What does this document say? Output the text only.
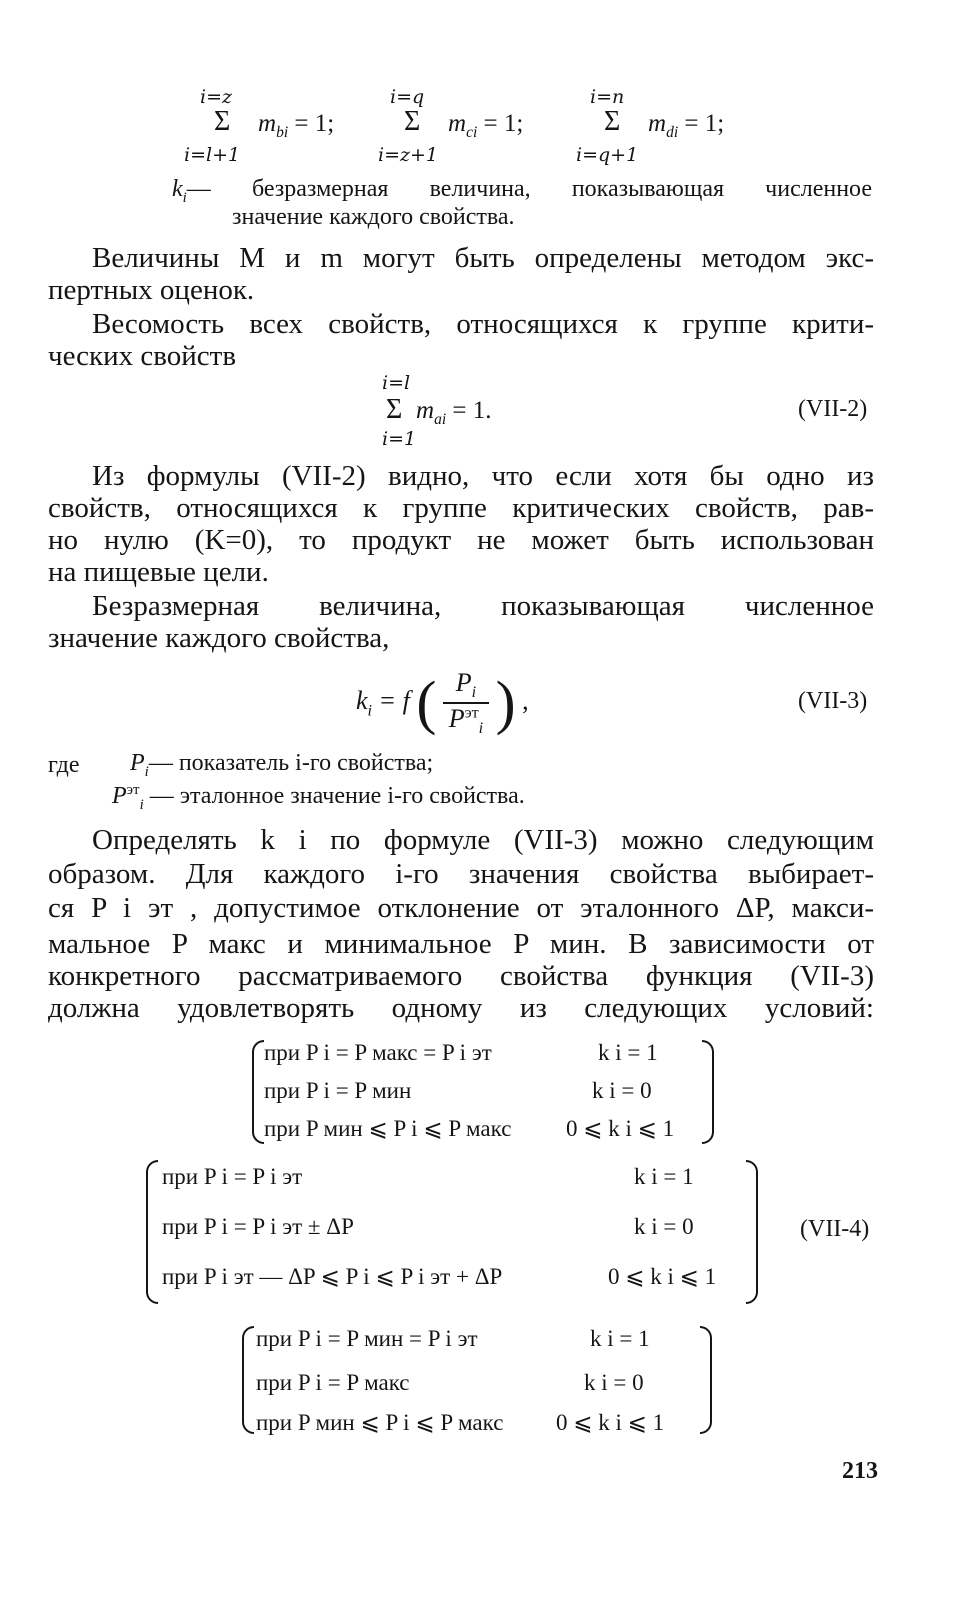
i=z
Σ
i=l+1
$m_{bi} = 1$;
i=q
Σ
i=z+1
$m_{ci} = 1$;
i=n
Σ
i=q+1
$m_{di} = 1$;
$k_i—$ безразмерная величина, показывающая численное
значение каждого свойства.
Величины M и m могут быть определены методом экс-
пертных оценок.
Весомость всех свойств, относящихся к группе крити-
ческих свойств
i=l
Σ
i=1
$m_{ai} = 1$.	(VII-2)
Из формулы (VII-2) видно, что если хотя бы одно из
свойств, относящихся к группе критических свойств, рав-
но нулю (K=0), то продукт не может быть использован
на пищевые цели.
Безразмерная величина, показывающая численное
значение каждого свойства,
$k_i = f$ ( $\frac{P_i}{P^{эт}_i}$ ) ,	(VII-3)
где $P_i—$ показатель i-го свойства;
$P^{эт}_i$ — эталонное значение i-го свойства.
Определять k i по формуле (VII-3) можно следующим
образом. Для каждого i-го значения свойства выбирает-
ся P i эт , допустимое отклонение от эталонного ΔP, макси-
мальное P макс и минимальное P мин. В зависимости от
конкретного рассматриваемого свойства функция (VII-3)
должна удовлетворять одному из следующих условий:
при P i = P макс = P i эт	k i = 1
при P i = P мин	k i = 0
при P мин ⩽ P i ⩽ P макс 0 ⩽ k i ⩽ 1
при P i = P i эт	k i = 1
при P i = P i эт ± ΔP	k i = 0
при P i эт — ΔP ⩽ P i ⩽ P i эт + ΔP	0 ⩽ k i ⩽ 1
(VII-4)
при P i = P мин = P i эт	k i = 1
при P i = P макс	k i = 0
при P мин ⩽ P i ⩽ P макс 0 ⩽ k i ⩽ 1
213
